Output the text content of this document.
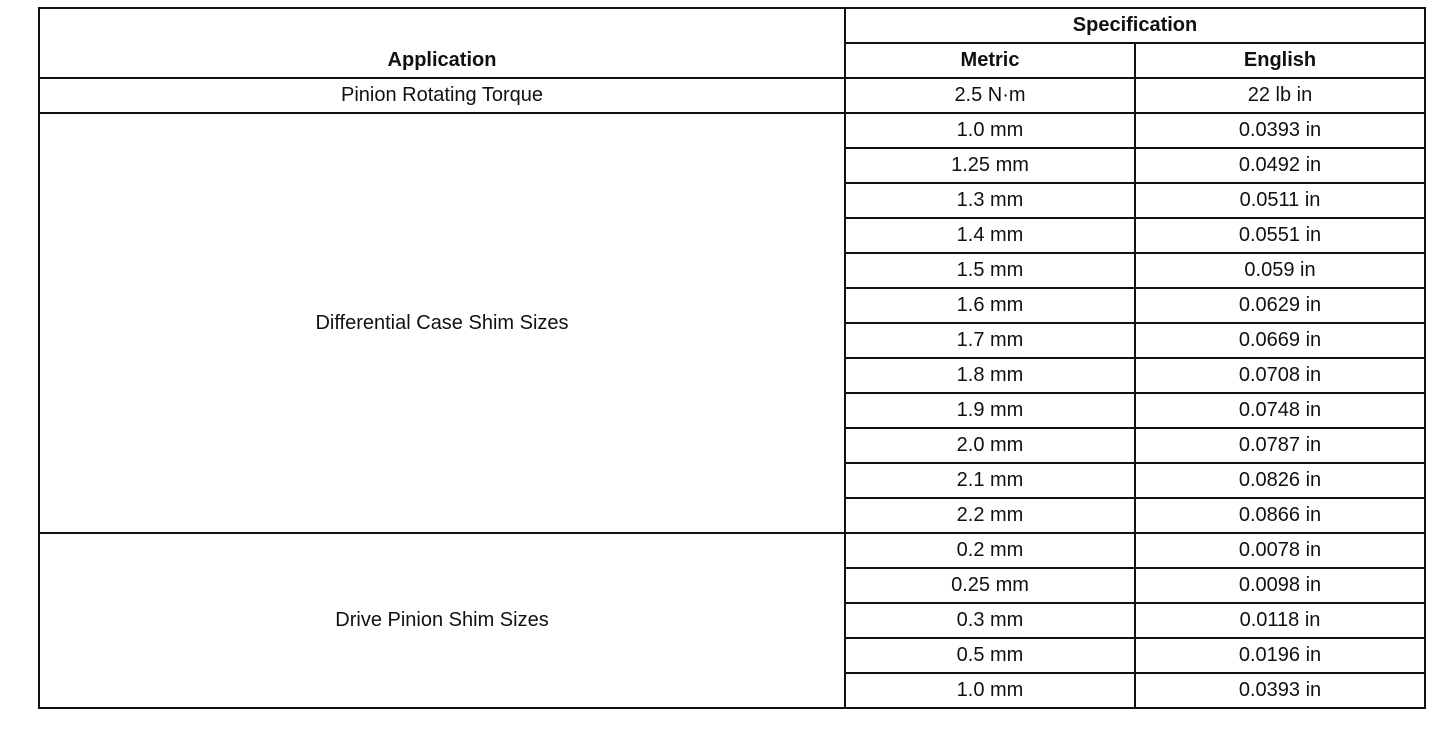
Application	Specification	
	Metric	English
Pinion Rotating Torque	2.5 N·m	22 lb in
Differential Case Shim Sizes	1.0 mm	0.0393 in
	1.25 mm	0.0492 in
	1.3 mm	0.0511 in
	1.4 mm	0.0551 in
	1.5 mm	0.059 in
	1.6 mm	0.0629 in
	1.7 mm	0.0669 in
	1.8 mm	0.0708 in
	1.9 mm	0.0748 in
	2.0 mm	0.0787 in
	2.1 mm	0.0826 in
	2.2 mm	0.0866 in
Drive Pinion Shim Sizes	0.2 mm	0.0078 in
	0.25 mm	0.0098 in
	0.3 mm	0.0118 in
	0.5 mm	0.0196 in
	1.0 mm	0.0393 in
